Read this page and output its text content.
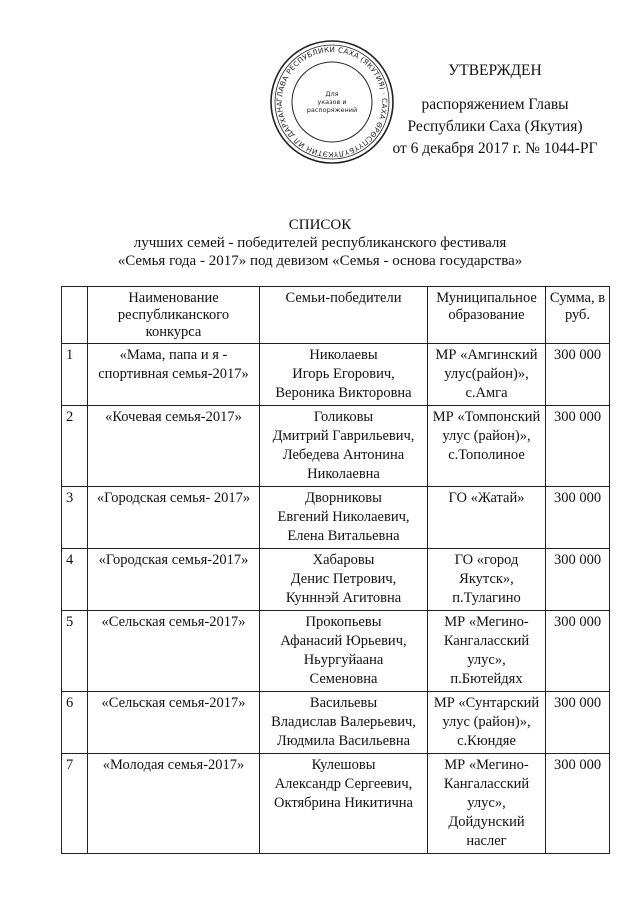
ГЛАВА РЕСПУБЛИКИ САХА (ЯКУТИЯ) · САХА ӨРӨСПҮҮБҮЛҮКЭТИН ИЛ ДАРХАНА
Для
указов и
распоряжений
УТВЕРЖДЕН
распоряжением Главы
Республики Саха (Якутия)
от 6 декабря 2017 г. № 1044-РГ
СПИСОК
лучших семей - победителей республиканского фестиваля
«Семья года - 2017» под девизом «Семья - основа государства»
	Наименование республиканского конкурса	Семьи-победители	Муниципальное образование	Сумма, в руб.
1	«Мама, папа и я - спортивная семья-2017»	Николаевы
Игорь Егорович,
Вероника Викторовна	МР «Амгинский улус(район)», с.Амга	300 000
2	«Кочевая семья-2017»	Голиковы
Дмитрий Гаврильевич,
Лебедева Антонина
Николаевна	МР «Томпонский улус (район)», с.Тополиное	300 000
3	«Городская семья- 2017»	Дворниковы
Евгений Николаевич,
Елена Витальевна	ГО «Жатай»	300 000
4	«Городская семья-2017»	Хабаровы
Денис Петрович,
Кунннэй Агитовна	ГО «город Якутск», п.Тулагино	300 000
5	«Сельская семья-2017»	Прокопьевы
Афанасий Юрьевич,
Ньургуйаана
Семеновна	МР «Мегино-Кангаласский улус», п.Бютейдях	300 000
6	«Сельская семья-2017»	Васильевы
Владислав Валерьевич,
Людмила Васильевна	МР «Сунтарский улус (район)», с.Кюндяе	300 000
7	«Молодая семья-2017»	Кулешовы
Александр Сергеевич,
Октябрина Никитична	МР «Мегино-Кангаласский улус», Дойдунский наслег	300 000
